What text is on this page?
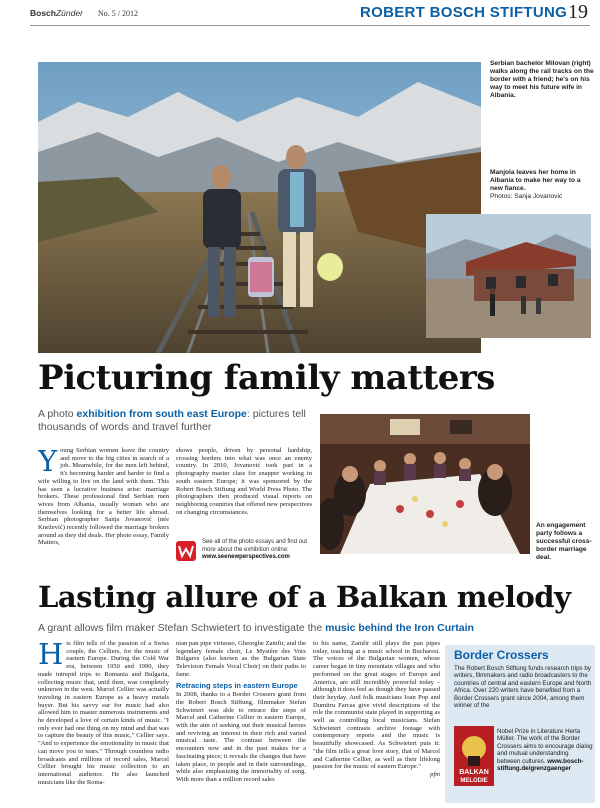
BoschZünder No. 5 / 2012	ROBERT BOSCH STIFTUNG 19
Serbian bachelor Milovan (right) walks along the rail tracks on the border with a friend; he's on his way to meet his future wife in Albania.
Manjola leaves her home in Albania to make her way to a new fiance.
Photos: Sanja Jovanović
Picturing family matters
A photo exhibition from south east Europe: pictures tell thousands of words and travel further
Young Serbian women leave the country and move to the big cities in search of a job. Meanwhile, for the men left behind, it's becoming harder and harder to find a wife willing to live on the land with them. This has seen a lucrative business arise: marriage brokers. These professional find Serbian men wives from Albania, usually women who are themselves looking for a better life abroad. Serbian photographer Sanja Jovanović (née Knežević) recently followed the marriage brokers around as they did deals. Her photo essay, Family Matters,
shows people, driven by personal hardship, crossing borders into what was once an enemy country. In 2010, Jovanović took part in a photography master class for snapper working in south eastern Europe; it was sponsored by the Robert Bosch Stiftung and World Press Photo. The photographers then produced visual reports on neighboring countries that offered new perspectives on changing circumstances.
See all of the photo essays and find out more about the exhibition online: www.seenewperspectives.com
An engagement party follows a successful cross-border marriage deal.
Lasting allure of a Balkan melody
A grant allows film maker Stefan Schwietert to investigate the music behind the Iron Curtain
His film tells of the passion of a Swiss couple, the Celliers, for the music of eastern Europe. During the Cold War era, between 1950 and 1990, they made intrepid trips to Romania and Bulgaria, collecting music that, until then, was completely unknown in the west. Marcel Cellier was actually traveling in eastern Europe as a heavy metals buyer. But his savvy ear for music had also allowed him to master numerous instruments and he developed a love of certain kinds of music. "I only ever had one thing on my mind and that was to capture the beauty of this music," Cellier says. "And to experience the emotionality in music that can move you to tears." Through countless radio broadcasts and millions of record sales, Marcel Cellier brought his music collection to an international audience. He also launched musicians like the Roma-
nian pan pipe virtuoso, Gheorghe Zamfir, and the legendary female choir, Le Mystère des Voix Bulgares (also known as the Bulgarian State Television Female Vocal Choir) on their paths to fame.
Retracing steps in eastern Europe
In 2008, thanks to a Border Crossers grant from the Robert Bosch Stiftung, filmmaker Stefan Schwietert was able to retrace the steps of Marcel and Catherine Cellier in eastern Europe, with the aim of seeking out their musical heroes and reviving an interest in their rich and varied musical taste. The contrast between the encounters now and in the past makes for a fascinating piece; it reveals the changes that have taken place, in people and in their surroundings, while also emphasizing the immortality of song. With more than a million record sales
to his name, Zamfir still plays the pan pipes today, teaching at a music school in Bucharest. The voices of the Bulgarian women, whose career began in tiny mountain villages and who performed on the great stages of Europe and America, are still incredibly powerful today – although it does feel as though they have passed their heyday. And folk musicians Ioan Pop and Dumitru Farcas give vivid descriptions of the role the communist state played in supporting as well as controlling local musicians. Stefan Schwietert contrasts archive footage with contemporary reports and the music is beautifully showcased. As Schwietert puts it: "the film tells a great love story, that of Marcel and Catherine Cellier, as well as their lifelong passion for the music of eastern Europe."
pfm
Border Crossers
The Robert Bosch Stiftung funds research trips by writers, filmmakers and radio broadcasters to the countries of central and eastern Europe and North Africa. Over 220 writers have benefited from a Border Crossers grant since 2004, among them winner of the
BALKAN
MELODIE
Nobel Prize in Literature Herta Müller. The work of the Border Crossers aims to encourage dialog and mutual understanding between cultures. www.bosch-stiftung.de/grenzgaenger
